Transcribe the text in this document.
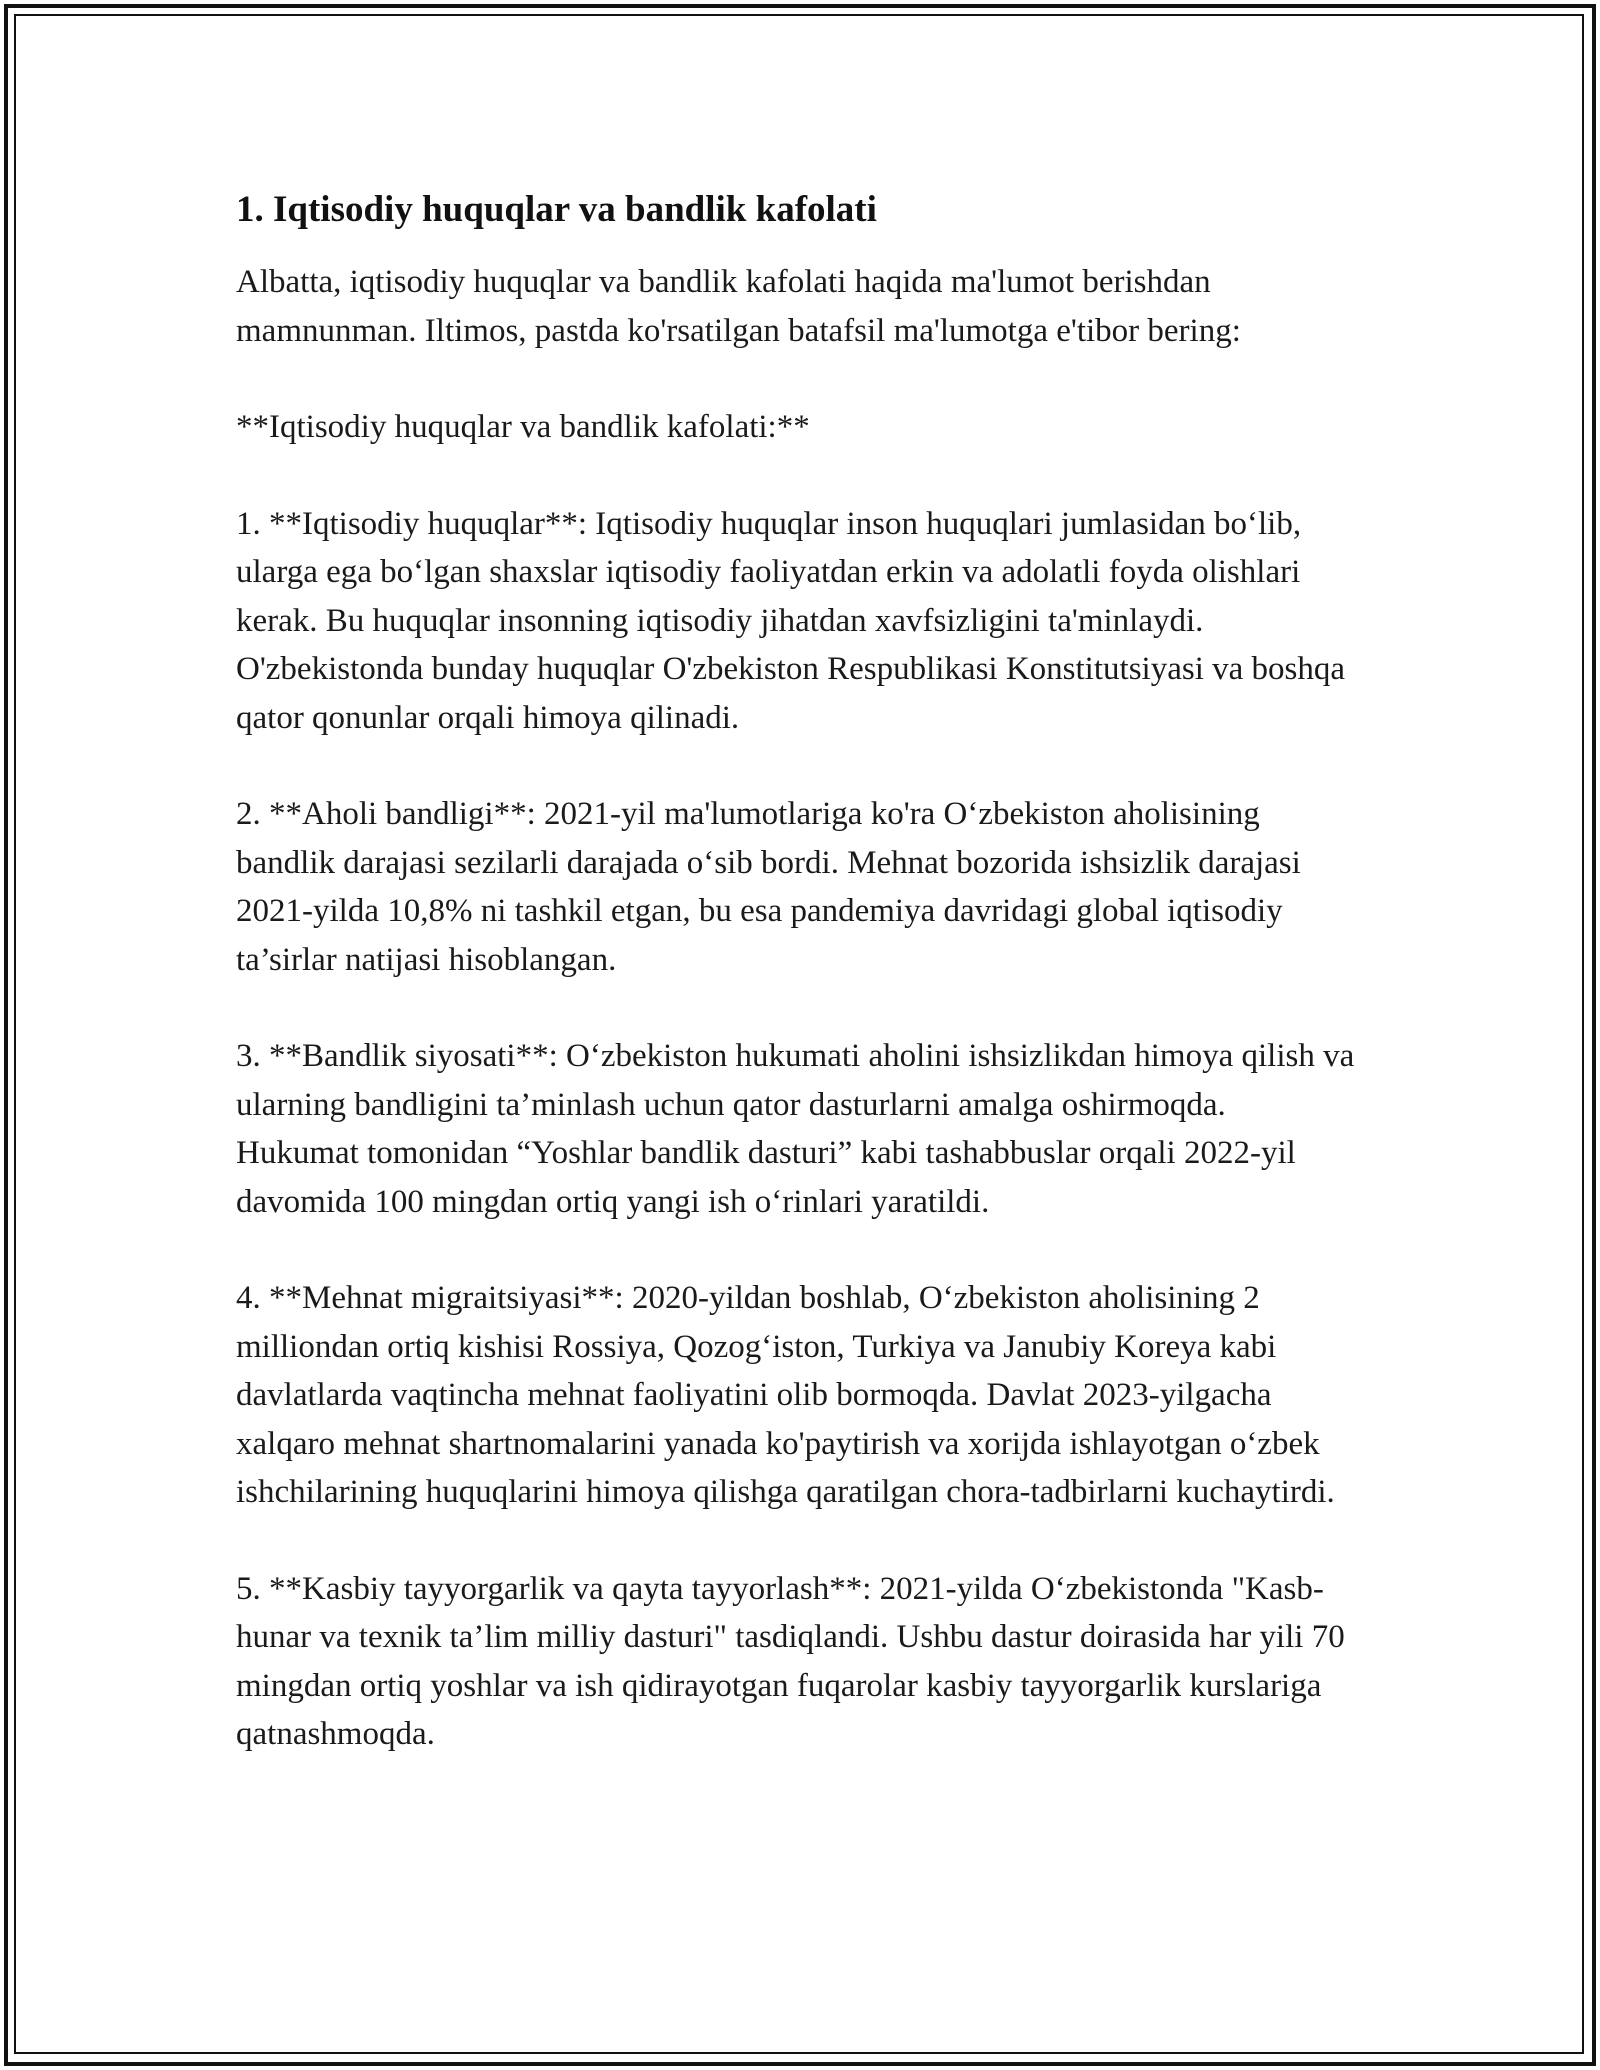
1. Iqtisodiy huquqlar va bandlik kafolati

Albatta, iqtisodiy huquqlar va bandlik kafolati haqida ma'lumot berishdan mamnunman. Iltimos, pastda ko'rsatilgan batafsil ma'lumotga e'tibor bering:

**Iqtisodiy huquqlar va bandlik kafolati:**

1. **Iqtisodiy huquqlar**: Iqtisodiy huquqlar inson huquqlari jumlasidan bo‘lib, ularga ega bo‘lgan shaxslar iqtisodiy faoliyatdan erkin va adolatli foyda olishlari kerak. Bu huquqlar insonning iqtisodiy jihatdan xavfsizligini ta'minlaydi. O'zbekistonda bunday huquqlar O'zbekiston Respublikasi Konstitutsiyasi va boshqa qator qonunlar orqali himoya qilinadi.

2. **Aholi bandligi**: 2021-yil ma'lumotlariga ko'ra O‘zbekiston aholisining bandlik darajasi sezilarli darajada o‘sib bordi. Mehnat bozorida ishsizlik darajasi 2021-yilda 10,8% ni tashkil etgan, bu esa pandemiya davridagi global iqtisodiy ta’sirlar natijasi hisoblangan.

3. **Bandlik siyosati**: O‘zbekiston hukumati aholini ishsizlikdan himoya qilish va ularning bandligini ta’minlash uchun qator dasturlarni amalga oshirmoqda. Hukumat tomonidan “Yoshlar bandlik dasturi” kabi tashabbuslar orqali 2022-yil davomida 100 mingdan ortiq yangi ish o‘rinlari yaratildi.

4. **Mehnat migraitsiyasi**: 2020-yildan boshlab, O‘zbekiston aholisining 2 milliondan ortiq kishisi Rossiya, Qozog‘iston, Turkiya va Janubiy Koreya kabi davlatlarda vaqtincha mehnat faoliyatini olib bormoqda. Davlat 2023-yilgacha xalqaro mehnat shartnomalarini yanada ko'paytirish va xorijda ishlayotgan o‘zbek ishchilarining huquqlarini himoya qilishga qaratilgan chora-tadbirlarni kuchaytirdi.

5. **Kasbiy tayyorgarlik va qayta tayyorlash**: 2021-yilda O‘zbekistonda "Kasb-hunar va texnik ta’lim milliy dasturi" tasdiqlandi. Ushbu dastur doirasida har yili 70 mingdan ortiq yoshlar va ish qidirayotgan fuqarolar kasbiy tayyorgarlik kurslariga qatnashmoqda.
